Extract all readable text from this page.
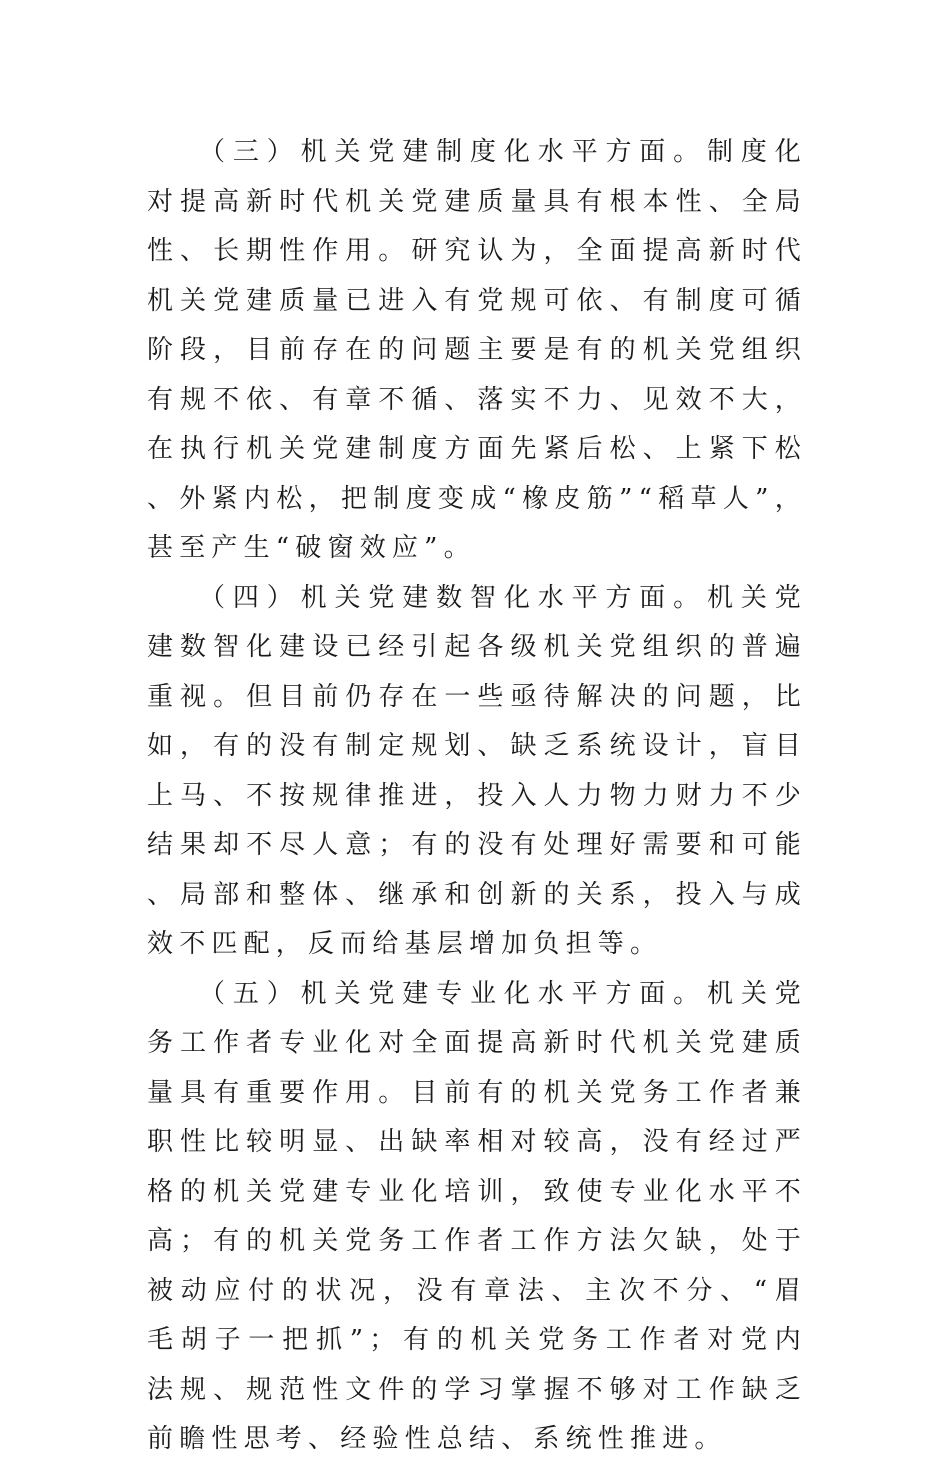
（三）机关党建制度化水平方面。制度化对提高新时代机关党建质量具有根本性、全局性、长期性作用。研究认为，全面提高新时代机关党建质量已进入有党规可依、有制度可循阶段，目前存在的问题主要是有的机关党组织有规不依、有章不循、落实不力、见效不大，在执行机关党建制度方面先紧后松、上紧下松、外紧内松，把制度变成“橡皮筋”“稻草人”，甚至产生“破窗效应”。

（四）机关党建数智化水平方面。机关党建数智化建设已经引起各级机关党组织的普遍重视。但目前仍存在一些亟待解决的问题，比如，有的没有制定规划、缺乏系统设计，盲目上马、不按规律推进，投入人力物力财力不少结果却不尽人意；有的没有处理好需要和可能、局部和整体、继承和创新的关系，投入与成效不匹配，反而给基层增加负担等。

（五）机关党建专业化水平方面。机关党务工作者专业化对全面提高新时代机关党建质量具有重要作用。目前有的机关党务工作者兼职性比较明显、出缺率相对较高，没有经过严格的机关党建专业化培训，致使专业化水平不高；有的机关党务工作者工作方法欠缺，处于被动应付的状况，没有章法、主次不分、“眉毛胡子一把抓”；有的机关党务工作者对党内法规、规范性文件的学习掌握不够对工作缺乏前瞻性思考、经验性总结、系统性推进。
